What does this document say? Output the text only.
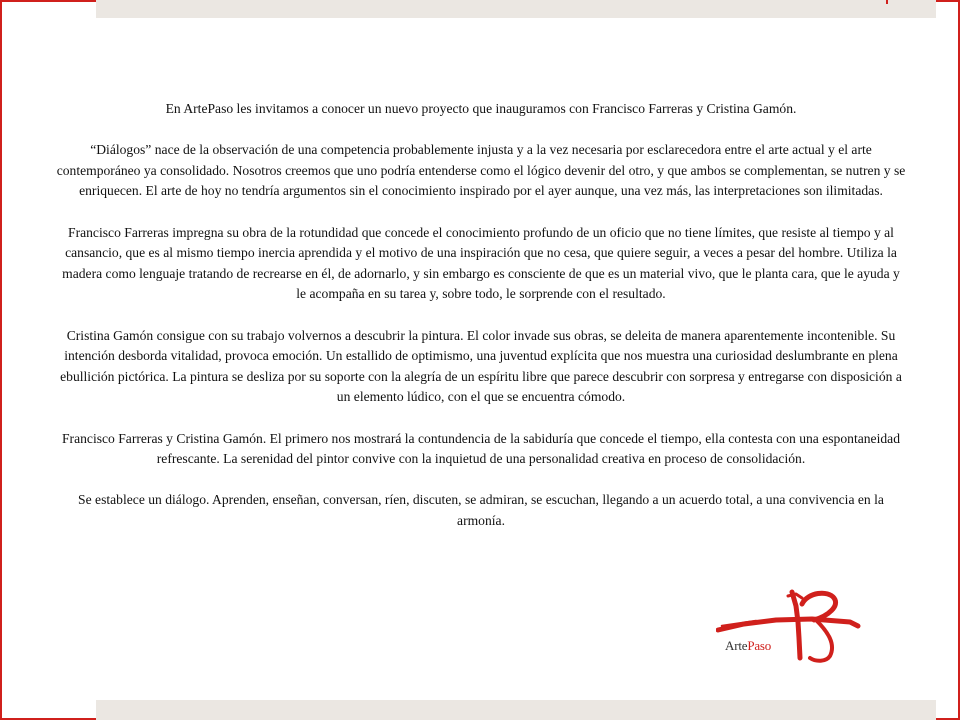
En ArtePaso les invitamos a conocer un nuevo proyecto que inauguramos con Francisco Farreras y Cristina Gamón.

“Diálogos” nace de la observación de una competencia probablemente injusta y a la vez necesaria por esclarecedora entre el arte actual y el arte contemporáneo ya consolidado. Nosotros creemos que uno podría entenderse como el lógico devenir del otro, y que ambos se complementan, se nutren y se enriquecen. El arte de hoy no tendría argumentos sin el conocimiento inspirado por el ayer aunque, una vez más, las interpretaciones son ilimitadas.

Francisco Farreras impregna su obra de la rotundidad que concede el conocimiento profundo de un oficio que no tiene límites, que resiste al tiempo y al cansancio, que es al mismo tiempo inercia aprendida y el motivo de una inspiración que no cesa, que quiere seguir, a veces a pesar del hombre. Utiliza la madera como lenguaje tratando de recrearse en él, de adornarlo, y sin embargo es consciente de que es un material vivo, que le planta cara, que le ayuda y le acompaña en su tarea y, sobre todo, le sorprende con el resultado.

Cristina Gamón consigue con su trabajo volvernos a descubrir la pintura. El color invade sus obras, se deleita de manera aparentemente incontenible. Su intención desborda vitalidad, provoca emoción. Un estallido de optimismo, una juventud explícita que nos muestra una curiosidad deslumbrante en plena ebullición pictórica. La pintura se desliza por su soporte con la alegría de un espíritu libre que parece descubrir con sorpresa y entregarse con disposición a un elemento lúdico, con el que se encuentra cómodo.

Francisco Farreras y Cristina Gamón. El primero nos mostrará la contundencia de la sabiduría que concede el tiempo, ella contesta con una espontaneidad refrescante. La serenidad del pintor convive con la inquietud de una personalidad creativa en proceso de consolidación.

Se establece un diálogo. Aprenden, enseñan, conversan, ríen, discuten, se admiran, se escuchan, llegando a un acuerdo total, a una convivencia en la armonía.

ArtePaso
